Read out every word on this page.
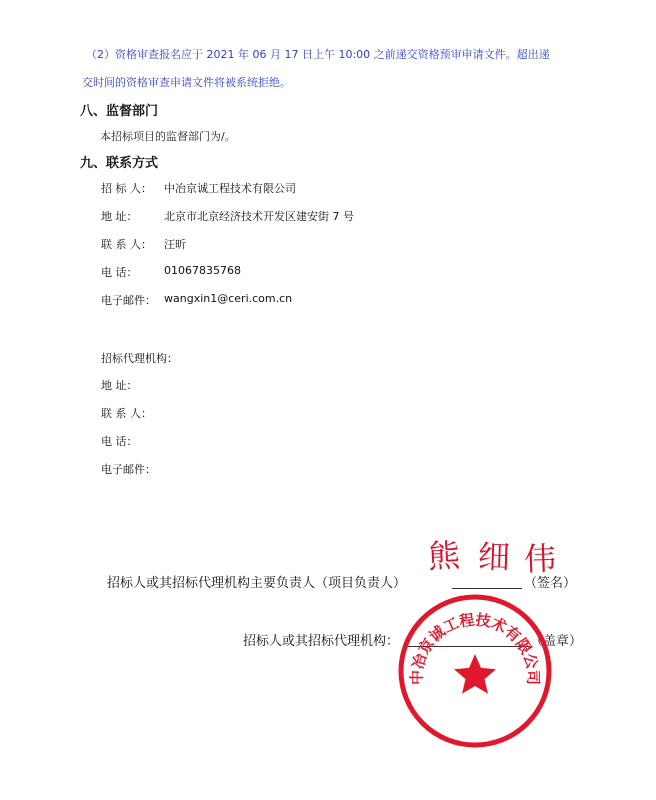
（2）资格审查报名应于 2021 年 06 月 17 日上午 10:00 之前递交资格预审申请文件。超出递
交时间的资格审查申请文件将被系统拒绝。
八、监督部门
本招标项目的监督部门为/。
九、联系方式
招 标 人： 中冶京诚工程技术有限公司
地 址： 北京市北京经济技术开发区建安街 7 号
联 系 人： 汪昕
电 话： 01067835768
电子邮件： wangxin1@ceri.com.cn
招标代理机构：
地 址：
联 系 人：
电 话：
电子邮件：
招标人或其招标代理机构主要负责人（项目负责人）	（签名）
招标人或其招标代理机构：	（盖章）
熊 细 伟
中冶京诚工程技术有限公司
